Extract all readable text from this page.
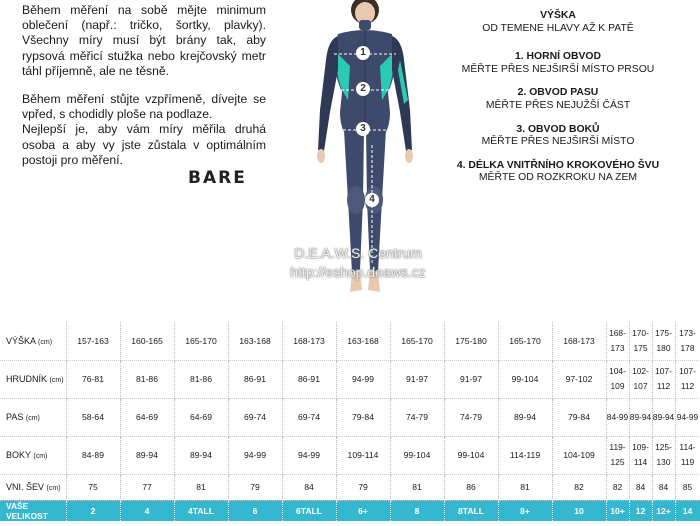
Během měření na sobě mějte minimum oblečení (např.: tričko, šortky, plavky). Všechny míry musí být brány tak, aby rypsová měřicí stužka nebo krejčovský metr táhl příjemně, ale ne těsně.

Během měření stůjte vzpřímeně, dívejte se vpřed, s chodidly ploše na podlaze.

Nejlepší je, aby vám míry měřila druhá osoba a aby vy jste zůstala v optimálním postoji pro měření.

BARE
1
2
3
4
D.E.A.W.S. Centrum
http://eshop.deaws.cz
VÝŠKA
OD TEMENE HLAVY AŽ K PATĚ
1. HORNÍ OBVOD
MĚŘTE PŘES NEJŠIRŠÍ MÍSTO PRSOU
2. OBVOD PASU
MĚŘTE PŘES NEJUŽŠÍ ČÁST
3. OBVOD BOKŮ
MĚŘTE PŘES NEJŠIRŠÍ MÍSTO
4. DÉLKA VNITŘNÍHO KROKOVÉHO ŠVU
MĚŘTE OD ROZKROKU NA ZEM
VÝŠKA (cm)	157-163	160-165	165-170	163-168	168-173	163-168	165-170	175-180	165-170	168-173	168-173	170-175	175-180	173-178
HRUDNÍK (cm)	76-81	81-86	81-86	86-91	86-91	94-99	91-97	91-97	99-104	97-102	104-109	102-107	107-112	107-112
PAS (cm)	58-64	64-69	64-69	69-74	69-74	79-84	74-79	74-79	89-94	79-84	84-99	89-94	89-94	94-99
BOKY (cm)	84-89	89-94	89-94	94-99	94-99	109-114	99-104	99-104	114-119	104-109	119-125	109-114	125-130	114-119
VNI. ŠEV (cm)	75	77	81	79	84	79	81	86	81	82	82	84	84	85
VAŠE VELIKOST	2	4	4TALL	6	6TALL	6+	8	8TALL	8+	10	10+	12	12+	14
